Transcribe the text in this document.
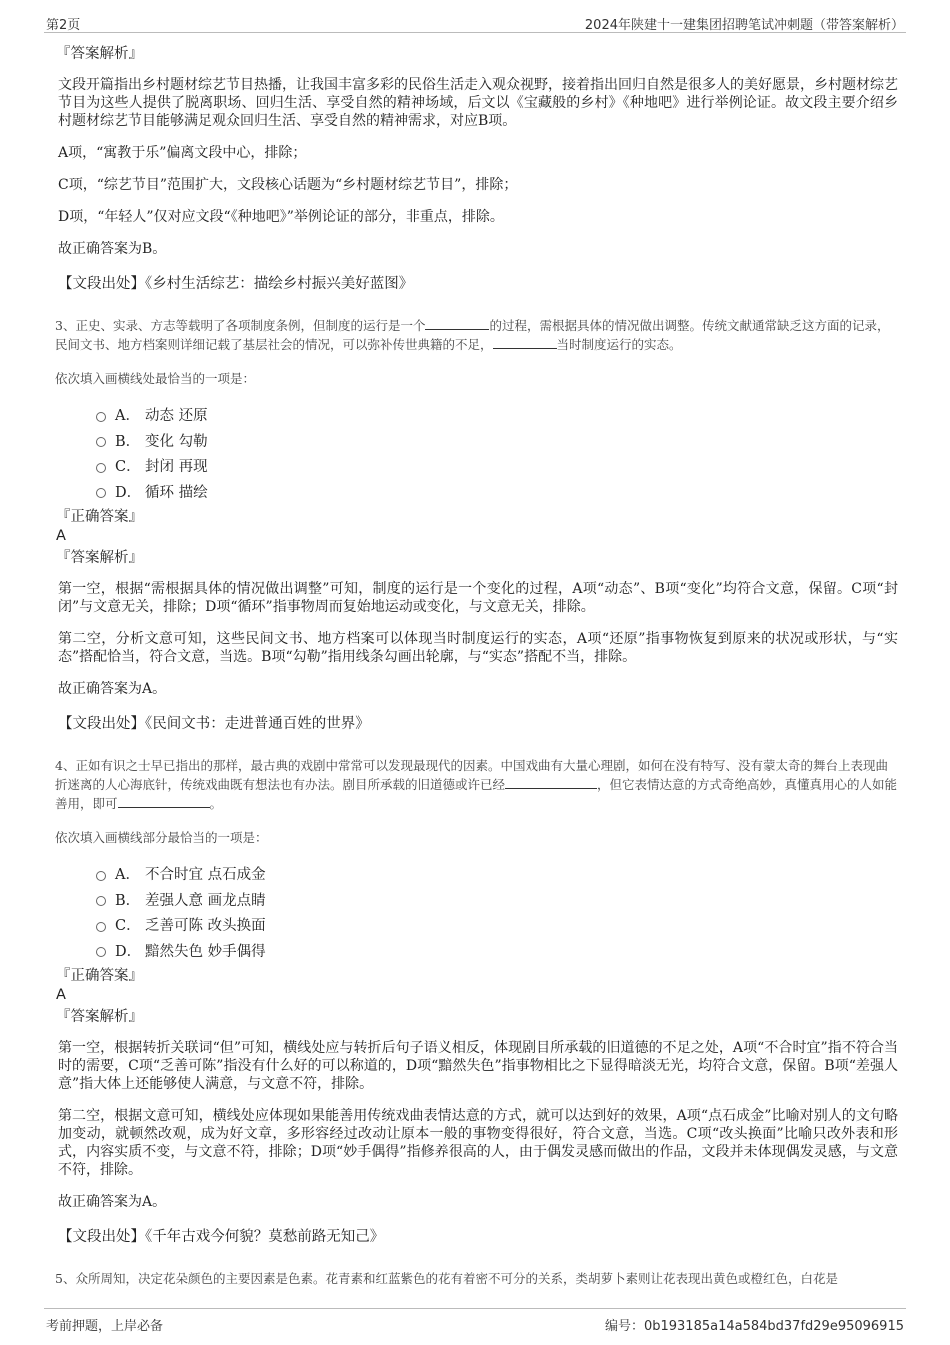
第2页	2024年陕建十一建集团招聘笔试冲刺题（带答案解析）
『答案解析』

文段开篇指出乡村题材综艺节目热播，让我国丰富多彩的民俗生活走入观众视野，接着指出回归自然是很多人的美好愿景，乡村题材综艺节目为这些人提供了脱离职场、回归生活、享受自然的精神场域，后文以《宝藏般的乡村》《种地吧》进行举例论证。故文段主要介绍乡村题材综艺节目能够满足观众回归生活、享受自然的精神需求，对应B项。

A项，“寓教于乐”偏离文段中心，排除；

C项，“综艺节目”范围扩大，文段核心话题为“乡村题材综艺节目”，排除；

D项，“年轻人”仅对应文段“《种地吧》”举例论证的部分，非重点，排除。

故正确答案为B。

【文段出处】《乡村生活综艺：描绘乡村振兴美好蓝图》
3、正史、实录、方志等载明了各项制度条例，但制度的运行是一个	的过程，需根据具体的情况做出调整。传统文献通常缺乏这方面的记录，民间文书、地方档案则详细记载了基层社会的情况，可以弥补传世典籍的不足，	当时制度运行的实态。
依次填入画横线处最恰当的一项是：
A． 动态 还原
B． 变化 勾勒
C． 封闭 再现
D． 循环 描绘
『正确答案』
A
『答案解析』

第一空，根据“需根据具体的情况做出调整”可知，制度的运行是一个变化的过程，A项“动态”、B项“变化”均符合文意，保留。C项“封闭”与文意无关，排除；D项“循环”指事物周而复始地运动或变化，与文意无关，排除。

第二空，分析文意可知，这些民间文书、地方档案可以体现当时制度运行的实态，A项“还原”指事物恢复到原来的状况或形状，与“实态”搭配恰当，符合文意，当选。B项“勾勒”指用线条勾画出轮廓，与“实态”搭配不当，排除。

故正确答案为A。

【文段出处】《民间文书：走进普通百姓的世界》
4、正如有识之士早已指出的那样，最古典的戏剧中常常可以发现最现代的因素。中国戏曲有大量心理剧，如何在没有特写、没有蒙太奇的舞台上表现曲折迷离的人心海底针，传统戏曲既有想法也有办法。剧目所承载的旧道德或许已经	，但它表情达意的方式奇绝高妙，真懂真用心的人如能善用，即可	。
依次填入画横线部分最恰当的一项是：
A． 不合时宜 点石成金
B． 差强人意 画龙点睛
C． 乏善可陈 改头换面
D． 黯然失色 妙手偶得
『正确答案』
A
『答案解析』

第一空，根据转折关联词“但”可知，横线处应与转折后句子语义相反，体现剧目所承载的旧道德的不足之处，A项“不合时宜”指不符合当时的需要，C项“乏善可陈”指没有什么好的可以称道的，D项“黯然失色”指事物相比之下显得暗淡无光，均符合文意，保留。B项“差强人意”指大体上还能够使人满意，与文意不符，排除。

第二空，根据文意可知，横线处应体现如果能善用传统戏曲表情达意的方式，就可以达到好的效果，A项“点石成金”比喻对别人的文句略加变动，就顿然改观，成为好文章，多形容经过改动让原本一般的事物变得很好，符合文意，当选。C项“改头换面”比喻只改外表和形式，内容实质不变，与文意不符，排除；D项“妙手偶得”指修养很高的人，由于偶发灵感而做出的作品，文段并未体现偶发灵感，与文意不符，排除。

故正确答案为A。

【文段出处】《千年古戏今何貌？莫愁前路无知己》
5、众所周知，决定花朵颜色的主要因素是色素。花青素和红蓝紫色的花有着密不可分的关系，类胡萝卜素则让花表现出黄色或橙红色，白花是
考前押题，上岸必备	编号：0b193185a14a584bd37fd29e95096915
